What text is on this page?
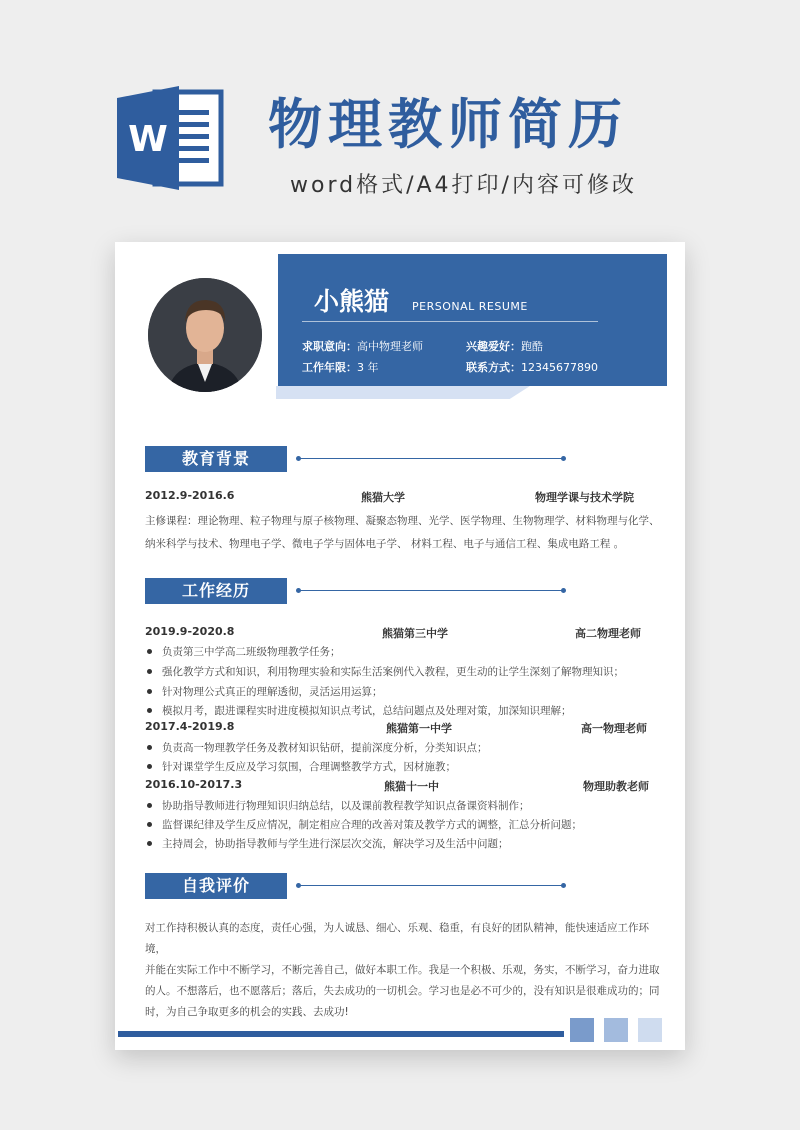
W 物理教师简历
word格式/A4打印/内容可修改
小熊猫 PERSONAL RESUME
求职意向：高中物理老师	兴趣爱好：跑酷
工作年限：3 年	联系方式：12345677890
教育背景
2012.9-2016.6	熊猫大学	物理学课与技术学院
主修课程：理论物理、粒子物理与原子核物理、凝聚态物理、光学、医学物理、生物物理学、材料物理与化学、
纳米科学与技术、物理电子学、微电子学与固体电子学、 材料工程、电子与通信工程、集成电路工程 。
工作经历
2019.9-2020.8	熊猫第三中学	高二物理老师
负责第三中学高二班级物理教学任务；
强化教学方式和知识，利用物理实验和实际生活案例代入教程，更生动的让学生深刻了解物理知识；
针对物理公式真正的理解透彻，灵活运用运算；
模拟月考，跟进课程实时进度模拟知识点考试，总结问题点及处理对策，加深知识理解；
2017.4-2019.8	熊猫第一中学	高一物理老师
负责高一物理教学任务及教材知识钻研，提前深度分析，分类知识点；
针对课堂学生反应及学习氛围，合理调整教学方式，因材施教；
2016.10-2017.3	熊猫十一中	物理助教老师
协助指导教师进行物理知识归纳总结，以及课前教程教学知识点备课资料制作；
监督课纪律及学生反应情况，制定相应合理的改善对策及教学方式的调整，汇总分析问题；
主持周会，协助指导教师与学生进行深层次交流，解决学习及生活中问题；
自我评价
对工作持积极认真的态度，责任心强，为人诚恳、细心、乐观、稳重，有良好的团队精神，能快速适应工作环境，
并能在实际工作中不断学习，不断完善自己，做好本职工作。我是一个积极、乐观，务实，不断学习，奋力进取
的人。不想落后，也不愿落后；落后，失去成功的一切机会。学习也是必不可少的，没有知识是很难成功的；同
时，为自己争取更多的机会的实践、去成功!
